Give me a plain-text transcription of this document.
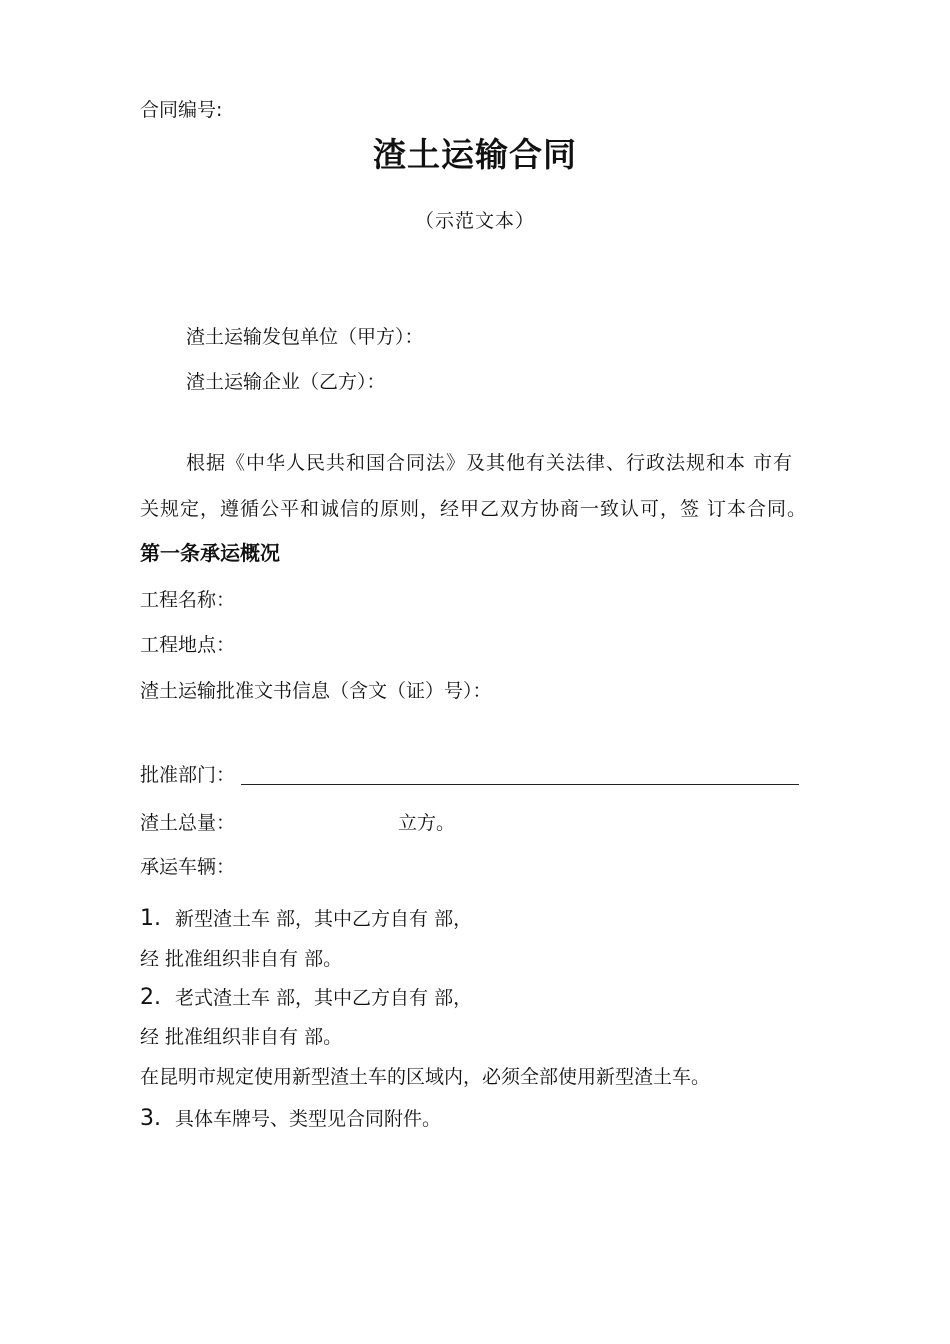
合同编号:
渣土运输合同
（示范文本）
渣土运输发包单位（甲方）：
渣土运输企业（乙方）：
根据《中华人民共和国合同法》及其他有关法律、行政法规和本 市有
关规定，遵循公平和诚信的原则，经甲乙双方协商一致认可，签 订本合同。
第一条承运概况
工程名称：
工程地点：
渣土运输批准文书信息（含文（证）号）：
批准部门：
渣土总量：	立方。
承运车辆：
1. 新型渣土车 部，其中乙方自有 部，
经 批准组织非自有 部。
2. 老式渣土车 部，其中乙方自有 部，
经 批准组织非自有 部。
在昆明市规定使用新型渣土车的区域内，必须全部使用新型渣土车。
3. 具体车牌号、类型见合同附件。
